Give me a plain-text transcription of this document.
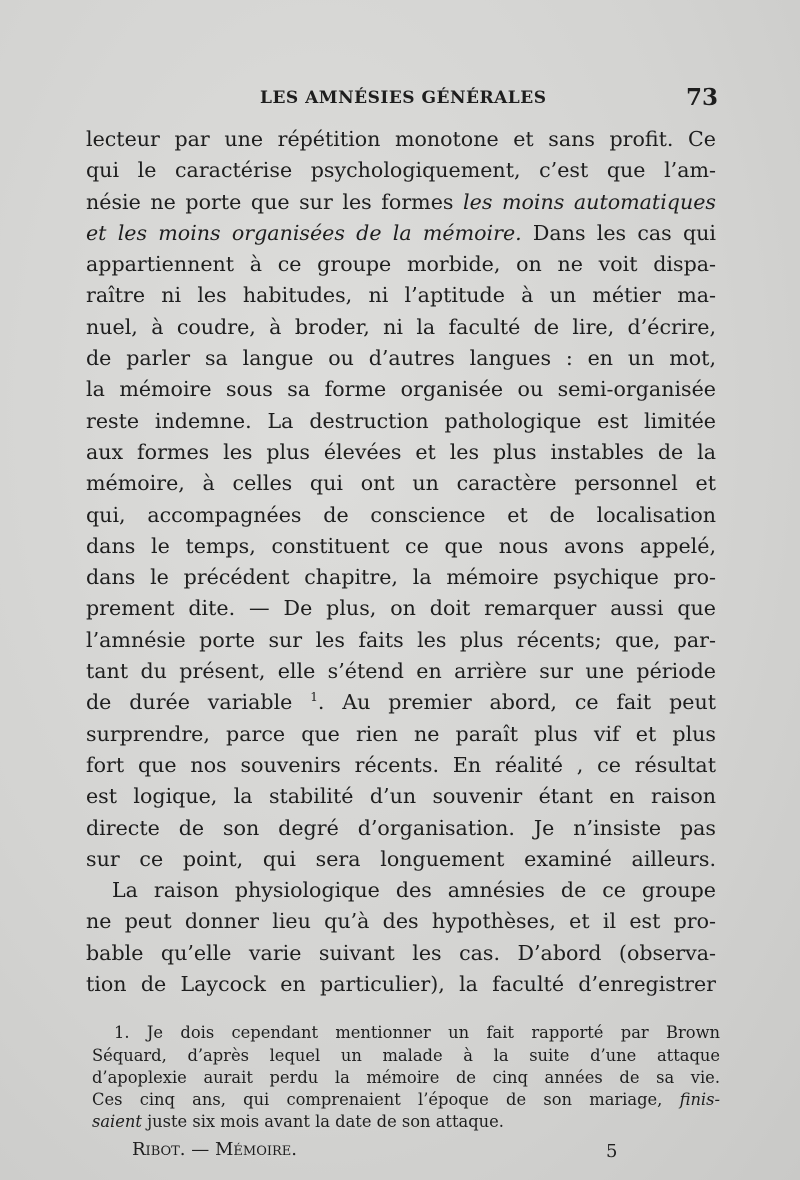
LES AMNÉSIES GÉNÉRALES	73
lecteur par une répétition monotone et sans profit. Ce
qui le caractérise psychologiquement, c’est que l’am-
nésie ne porte que sur les formes les moins automatiques
et les moins organisées de la mémoire. Dans les cas qui
appartiennent à ce groupe morbide, on ne voit dispa-
raître ni les habitudes, ni l’aptitude à un métier ma-
nuel, à coudre, à broder, ni la faculté de lire, d’écrire,
de parler sa langue ou d’autres langues : en un mot,
la mémoire sous sa forme organisée ou semi-organisée
reste indemne. La destruction pathologique est limitée
aux formes les plus élevées et les plus instables de la
mémoire, à celles qui ont un caractère personnel et
qui, accompagnées de conscience et de localisation
dans le temps, constituent ce que nous avons appelé,
dans le précédent chapitre, la mémoire psychique pro-
prement dite. — De plus, on doit remarquer aussi que
l’amnésie porte sur les faits les plus récents; que, par-
tant du présent, elle s’étend en arrière sur une période
de durée variable $^1$. Au premier abord, ce fait peut
surprendre, parce que rien ne paraît plus vif et plus
fort que nos souvenirs récents. En réalité , ce résultat
est logique, la stabilité d’un souvenir étant en raison
directe de son degré d’organisation. Je n’insiste pas
sur ce point, qui sera longuement examiné ailleurs.
La raison physiologique des amnésies de ce groupe
ne peut donner lieu qu’à des hypothèses, et il est pro-
bable qu’elle varie suivant les cas. D’abord (observa-
tion de Laycock en particulier), la faculté d’enregistrer
1. Je dois cependant mentionner un fait rapporté par Brown
Séquard, d’après lequel un malade à la suite d’une attaque
d’apoplexie aurait perdu la mémoire de cinq années de sa vie.
Ces cinq ans, qui comprenaient l’époque de son mariage, finis-
saient juste six mois avant la date de son attaque.
Ribot. — Mémoire.	5
